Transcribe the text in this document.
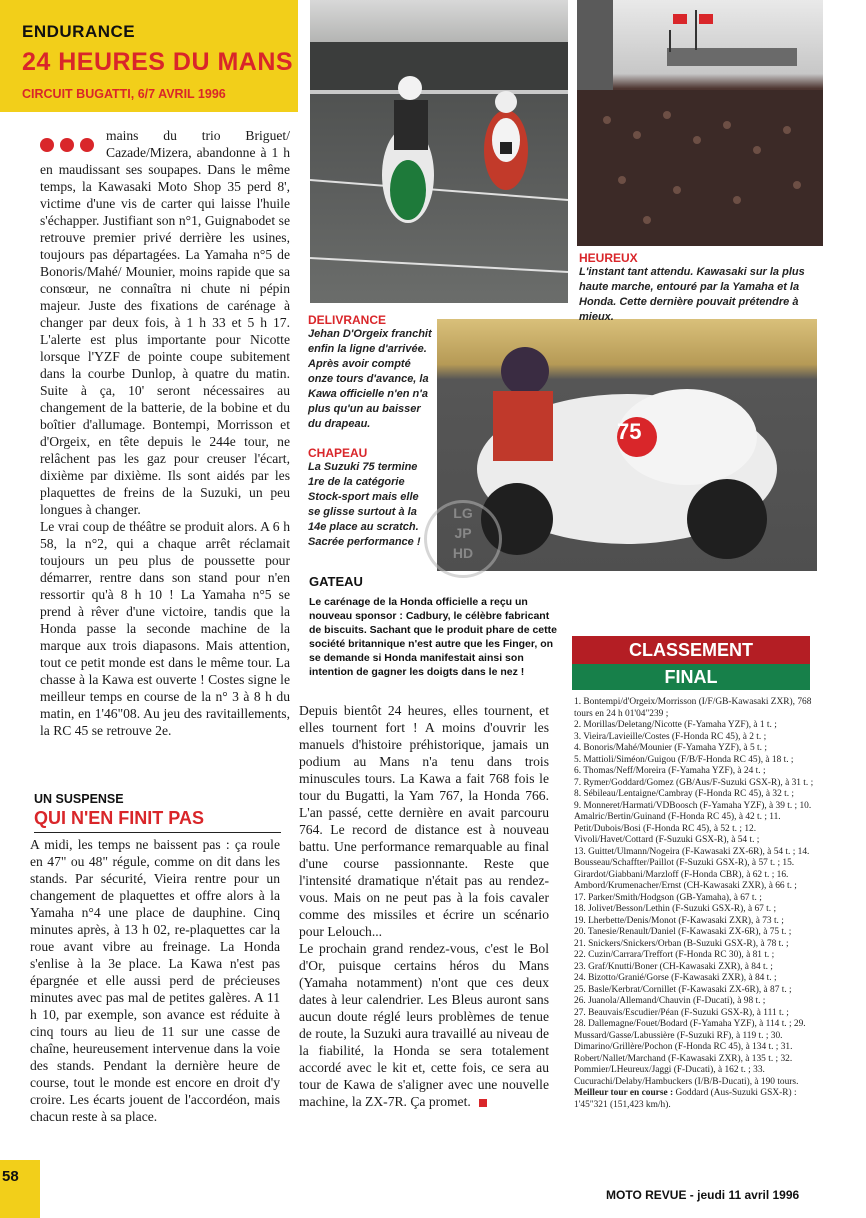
ENDURANCE
24 HEURES DU MANS
CIRCUIT BUGATTI, 6/7 AVRIL 1996
75
LG
JP
HD

mains du trio Briguet/ Cazade/Mizera, abandonne à 1 h en maudissant ses soupapes. Dans le même temps, la Kawasaki Moto Shop 35 perd 8', victime d'une vis de carter qui laisse l'huile s'échapper. Justifiant son n°1, Guignabodet se retrouve premier privé derrière les usines, toujours pas départagées. La Yamaha n°5 de Bonoris/Mahé/ Mounier, moins rapide que sa consœur, ne connaîtra ni chute ni pépin majeur. Juste des fixations de carénage à changer par deux fois, à 1 h 33 et 5 h 17. L'alerte est plus importante pour Nicotte lorsque l'YZF de pointe coupe subitement dans la courbe Dunlop, à quatre du matin. Suite à ça, 10' seront nécessaires au changement de la batterie, de la bobine et du boîtier d'allumage. Bontempi, Morrisson et d'Orgeix, en tête depuis le 244e tour, ne relâchent pas les gaz pour creuser l'écart, dixième par dixième. Ils sont aidés par les plaquettes de freins de la Suzuki, un peu longues à changer.

Le vrai coup de théâtre se produit alors. A 6 h 58, la n°2, qui a chaque arrêt réclamait toujours un peu plus de poussette pour démarrer, rentre dans son stand pour n'en ressortir qu'à 8 h 10 ! La Yamaha n°5 se prend à rêver d'une victoire, tandis que la Honda passe la seconde machine de la marque aux trois diapasons. Mais attention, tout ce petit monde est dans le même tour. La chasse à la Kawa est ouverte ! Costes signe le meilleur temps en course de la n° 3 à 8 h du matin, en 1'46"08. Au jeu des ravitaillements, la RC 45 se retrouve 2e.

UN SUSPENSE
QUI N'EN FINIT PAS

A midi, les temps ne baissent pas : ça roule en 47" ou 48" régule, comme on dit dans les stands. Par sécurité, Vieira rentre pour un changement de plaquettes et offre alors à la Yamaha n°4 une place de dauphine. Cinq minutes après, à 13 h 02, re-plaquettes car la roue avant vibre au freinage. La Honda s'enlise à la 3e place. La Kawa n'est pas épargnée et elle aussi perd de précieuses minutes avec pas mal de petites galères. A 11 h 10, par exemple, son avance est réduite à cinq tours au lieu de 11 sur une casse de chaîne, heureusement intervenue dans la voie des stands. Pendant la dernière heure de course, tout le monde est encore en droit d'y croire. Les écarts jouent de l'accordéon, mais chacun reste à sa place.

HEUREUX
L'instant tant attendu. Kawasaki sur la plus haute marche, entouré par la Yamaha et la Honda. Cette dernière pouvait prétendre à mieux.
DELIVRANCE
Jehan D'Orgeix franchit enfin la ligne d'arrivée. Après avoir compté onze tours d'avance, la Kawa officielle n'en n'a plus qu'un au baisser du drapeau.
CHAPEAU
La Suzuki 75 termine 1re de la catégorie Stock-sport mais elle se glisse surtout à la 14e place au scratch. Sacrée performance !
GATEAU
Le carénage de la Honda officielle a reçu un nouveau sponsor : Cadbury, le célèbre fabricant de biscuits. Sachant que le produit phare de cette société britannique n'est autre que les Finger, on se demande si Honda manifestait ainsi son intention de gagner les doigts dans le nez !

Depuis bientôt 24 heures, elles tournent, et elles tournent fort ! A moins d'ouvrir les manuels d'histoire préhistorique, jamais un podium au Mans n'a tenu dans trois minuscules tours. La Kawa a fait 768 fois le tour du Bugatti, la Yam 767, la Honda 766. L'an passé, cette dernière en avait parcouru 764. Le record de distance est à nouveau battu. Une performance remarquable au final d'une course passionnante. Reste que l'intensité dramatique n'était pas au rendez-vous. Mais on ne peut pas à la fois cavaler comme des missiles et écrire un scénario pour Lelouch...

Le prochain grand rendez-vous, c'est le Bol d'Or, puisque certains héros du Mans (Yamaha notamment) n'ont que ces deux dates à leur calendrier. Les Bleus auront sans aucun doute réglé leurs problèmes de tenue de route, la Suzuki aura travaillé au niveau de la fiabilité, la Honda se sera totalement accordé avec le kit et, cette fois, ce sera au tour de Kawa de s'aligner avec une nouvelle machine, la ZX-7R. Ça promet.

CLASSEMENT
FINAL
1. Bontempi/d'Orgeix/Morrisson (I/F/GB-Kawasaki ZXR), 768 tours en 24 h 01'04"239 ;
2. Morillas/Deletang/Nicotte (F-Yamaha YZF), à 1 t. ;
3. Vieira/Lavieille/Costes (F-Honda RC 45), à 2 t. ;
4. Bonoris/Mahé/Mounier (F-Yamaha YZF), à 5 t. ;
5. Mattioli/Siméon/Guigou (F/B/F-Honda RC 45), à 18 t. ;
6. Thomas/Neff/Moreira (F-Yamaha YZF), à 24 t. ;
7. Rymer/Goddard/Gomez (GB/Aus/F-Suzuki GSX-R), à 31 t. ; 8. Sébileau/Lentaigne/Cambray (F-Honda RC 45), à 32 t. ;
9. Monneret/Harmati/VDBoosch (F-Yamaha YZF), à 39 t. ; 10. Amalric/Bertin/Guinand (F-Honda RC 45), à 42 t. ; 11. Petit/Dubois/Bosi (F-Honda RC 45), à 52 t. ; 12. Vivoli/Havet/Cottard (F-Suzuki GSX-R), à 54 t. ;
13. Guittet/Ulmann/Nogeira (F-Kawasaki ZX-6R), à 54 t. ; 14. Bousseau/Schaffter/Paillot (F-Suzuki GSX-R), à 57 t. ; 15. Girardot/Giabbani/Marzloff (F-Honda CBR), à 62 t. ; 16. Ambord/Krumenacher/Ernst (CH-Kawasaki ZXR), à 66 t. ;
17. Parker/Smith/Hodgson (GB-Yamaha), à 67 t. ;
18. Jolivet/Besson/Lethin (F-Suzuki GSX-R), à 67 t. ;
19. Lherbette/Denis/Monot (F-Kawasaki ZXR), à 73 t. ;
20. Tanesie/Renault/Daniel (F-Kawasaki ZX-6R), à 75 t. ;
21. Snickers/Snickers/Orban (B-Suzuki GSX-R), à 78 t. ;
22. Cuzin/Carrara/Treffort (F-Honda RC 30), à 81 t. ;
23. Graf/Knutti/Boner (CH-Kawasaki ZXR), à 84 t. ;
24. Bizotto/Granié/Gorse (F-Kawasaki ZXR), à 84 t. ;
25. Basle/Kerbrat/Cornillet (F-Kawasaki ZX-6R), à 87 t. ;
26. Juanola/Allemand/Chauvin (F-Ducati), à 98 t. ;
27. Beauvais/Escudier/Péan (F-Suzuki GSX-R), à 111 t. ;
28. Dallemagne/Fouet/Bodard (F-Yamaha YZF), à 114 t. ; 29. Mussard/Gasse/Labussière (F-Suzuki RF), à 119 t. ; 30. Dimarino/Grillère/Pochon (F-Honda RC 45), à 134 t. ; 31. Robert/Nallet/Marchand (F-Kawasaki ZXR), à 135 t. ; 32. Pommier/LHeureux/Jaggi (F-Ducati), à 162 t. ; 33. Cucurachi/Delaby/Hambuckers (I/B/B-Ducati), à 190 tours.
Meilleur tour en course : Goddard (Aus-Suzuki GSX-R) : 1'45"321 (151,423 km/h).
58
MOTO REVUE - jeudi 11 avril 1996
